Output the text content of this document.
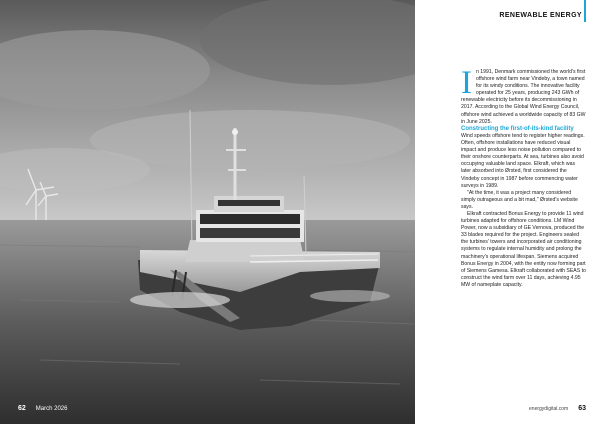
62 March 2026
RENEWABLE ENERGY

In 1991, Denmark commissioned the world's first offshore wind farm near Vindeby, a town named for its windy conditions. The innovative facility operated for 25 years, producing 243 GWh of renewable electricity before its decommissioning in 2017. According to the Global Wind Energy Council, offshore wind achieved a worldwide capacity of 83 GW in June 2025.

Constructing the first-of-its-kind facility

Wind speeds offshore tend to register higher readings. Often, offshore installations have reduced visual impact and produce less noise pollution compared to their onshore counterparts. At sea, turbines also avoid occupying valuable land space. Elkraft, which was later absorbed into Ørsted, first considered the Vindeby concept in 1987 before commencing water surveys in 1989.

"At the time, it was a project many considered simply outrageous and a bit mad," Ørsted's website says.

Elkraft contracted Bonus Energy to provide 11 wind turbines adapted for offshore conditions. LM Wind Power, now a subsidiary of GE Vernova, produced the 33 blades required for the project. Engineers sealed the turbines' towers and incorporated air conditioning systems to regulate internal humidity and prolong the machinery's operational lifespan. Siemens acquired Bonus Energy in 2004, with the entity now forming part of Siemens Gamesa. Elkraft collaborated with SEAS to construct the wind farm over 11 days, achieving 4.95 MW of nameplate capacity.

energydigital.com 63
